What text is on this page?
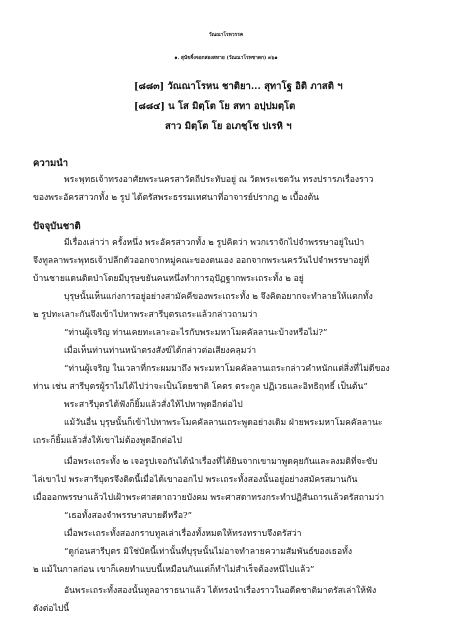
วัณณาโรหวรรค
๑. สุนัขจิ้งจอกสองสหาย (วัณณาโรหชาดก) ๓๖๑
[๘๘๓] วัณณาโรหน ชาติยา... สุทาโฐ อิติ ภาสติ ฯ
[๘๘๔] น โส มิตฺโต โย สทา อปฺปมตฺโต
สาว มิตฺโต โย อเภชฺโช ปเรหิ ฯ
ความนำ
พระพุทธเจ้าทรงอาศัยพระนครสาวัตถีประทับอยู่ ณ วัดพระเชตวัน ทรงปรารภเรื่องราว
ของพระอัครสาวกทั้ง ๒ รูป ได้ตรัสพระธรรมเทศนาที่อาจารย์ปรากฏ ๒ เบื้องต้น
ปัจจุบันชาติ
มีเรื่องเล่าว่า ครั้งหนึ่ง พระอัครสาวกทั้ง ๒ รูปคิดว่า พวกเราจักไปจำพรรษาอยู่ในป่า
จึงทูลลาพระพุทธเจ้าปลีกตัวออกจากหมู่คณะของตนเอง ออกจากพระนครวันไปจำพรรษาอยู่ที่
บ้านชายแดนติดป่าโดยมีบุรุษขยันคนหนึ่งทำการอุปัฏฐากพระเถระทั้ง ๒ อยู่
บุรุษนั้นเห็นแก่งการอยู่อย่างสามัคคีของพระเถระทั้ง ๒ จึงคิดอยากจะทำลายให้แตกทั้ง
๒ รูปทะเลาะกันจึงเข้าไปหาพระสารีบุตรเถระแล้วกล่าวถามว่า
“ท่านผู้เจริญ ท่านเคยทะเลาะอะไรกับพระมหาโมคคัลลานะบ้างหรือไม่?”
เมื่อเห็นท่านท่านหน้าตรงสังฆ์ได้กล่าวต่อเสียงคลุมว่า
“ท่านผู้เจริญ ในเวลาที่กระผมมาถึง พระมหาโมคคัลลานเถระกล่าวคำหนักแต่สิ่งที่ไม่ดีของ
ท่าน เช่น สารีบุตรผู้ราไม่ได้ไปว่าจะเป็นโดยชาติ โคตร ตระกูล ปฏิเวธและอิทธิฤทธิ์ เป็นต้น”
พระสารีบุตรได้ฟังก็ยิ้มแล้วสั่งให้ไปหาพุดอีกต่อไป
แม้วันอื่น บุรุษนั้นก็เข้าไปหาพระโมคคัลลานเถระพูดอย่างเดิม ฝ่ายพระมหาโมคคัลลานะ
เถระก็ยิ้มแล้วสั่งให้เขาไม่ต้องพูดอีกต่อไป
เมื่อพระเถระทั้ง ๒ เจอรูปเจอกันได้นำเรื่องที่ได้ยินจากเขามาพูดคุยกันและลงมติที่จะขับ
ไล่เขาไป พระสารีบุตรจึงติดนี้เมื่อได้เขาออกไป พระเถระทั้งสองนั้นอยู่อย่างสมัครสมานกัน
เมื่อออกพรรษาแล้วไปเฝ้าพระศาสดาถวายบังคม พระศาสดาทรงกระทำปฏิสันถารแล้วตรัสถามว่า
“เธอทั้งสองจำพรรษาสบายดีหรือ?”
เมื่อพระเถระทั้งสองกราบทูลเล่าเรื่องทั้งหมดให้ทรงทราบจึงตรัสว่า
“ดูก่อนสารีบุตร มิใช่บัดนี้เท่านั้นที่บุรุษนั้นไม่อาจทำลายความสัมพันธ์ของเธอทั้ง
๒ แม้ในกาลก่อน เขาก็เคยทำแบบนี้เหมือนกันแต่ก็ทำไม่สำเร็จต้องหนีไปแล้ว”
อันพระเถระทั้งสองนั้นทูลอาราธนาแล้ว ได้ทรงนำเรื่องราวในอดีตชาติมาตรัสเล่าให้ฟัง
ดังต่อไปนี้
